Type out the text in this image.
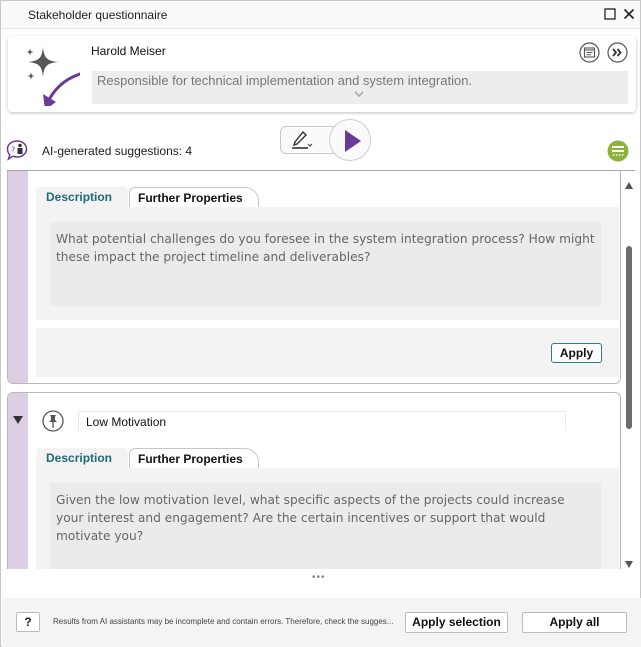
Stakeholder questionnaire
Harold Meiser
Responsible for technical implementation and system integration.
? AI-generated suggestions: 4
Description	Further Properties
What potential challenges do you foresee in the system integration process? How might these impact the project timeline and deliverables?
Apply
Low Motivation
Description	Further Properties
Given the low motivation level, what specific aspects of the projects could increase your interest and engagement? Are the certain incentives or support that would motivate you?
•••
?	Results from AI assistants may be incomplete and contain errors. Therefore, check the sugges...	Apply selection	Apply all
